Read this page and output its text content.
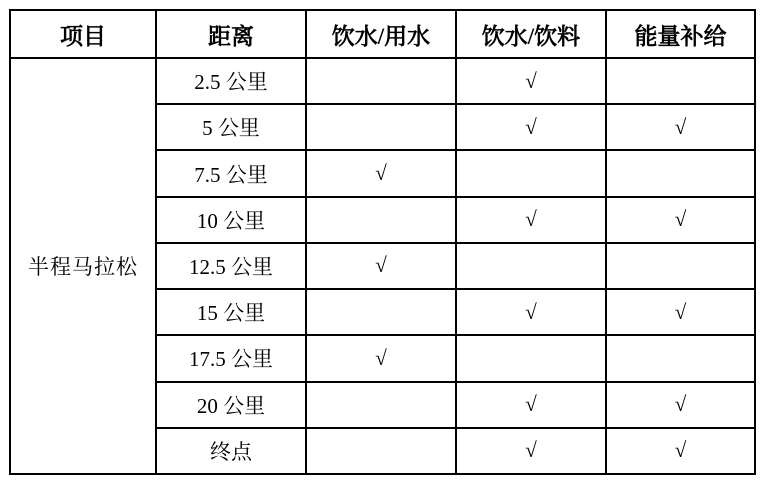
项目	距离	饮水/用水	饮水/饮料	能量补给
半程马拉松	2.5 公里		√	
	5 公里		√	√
	7.5 公里	√		
	10 公里		√	√
	12.5 公里	√		
	15 公里		√	√
	17.5 公里	√		
	20 公里		√	√
	终点		√	√
